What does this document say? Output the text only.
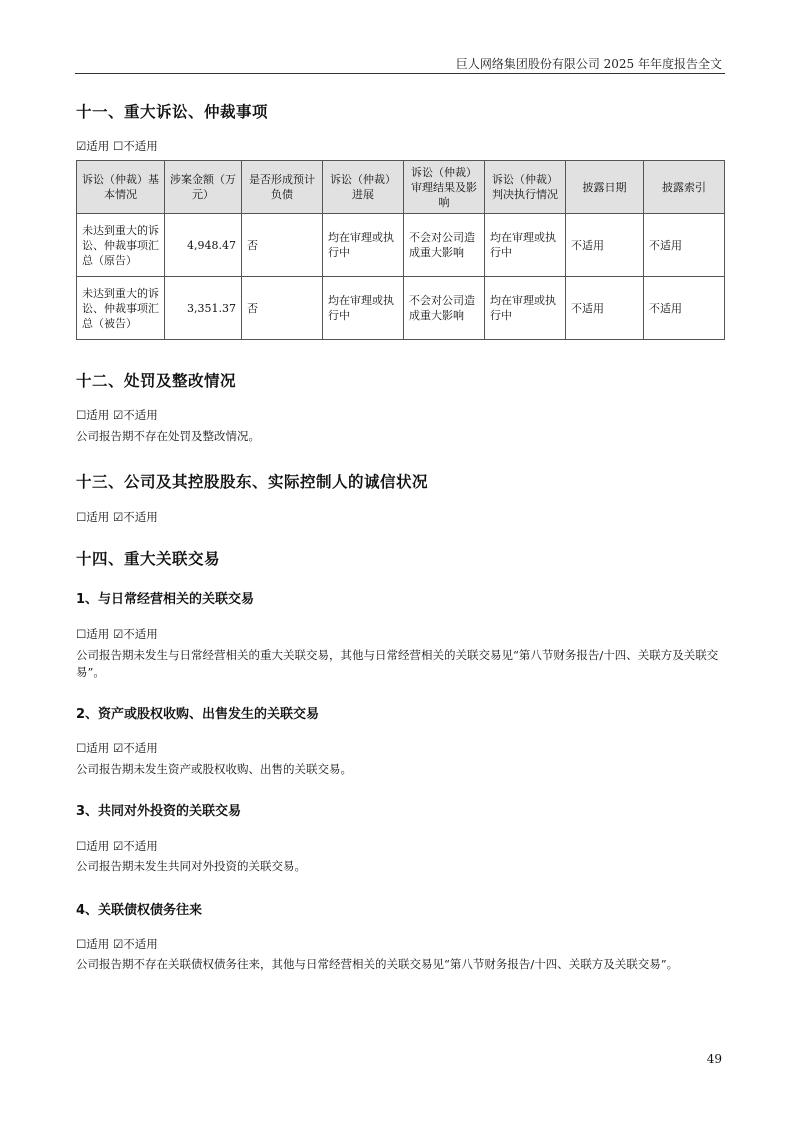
巨人网络集团股份有限公司 2025 年年度报告全文
十一、重大诉讼、仲裁事项
☑适用 ☐不适用
诉讼（仲裁）基本情况	涉案金额（万元）	是否形成预计负债	诉讼（仲裁）进展	诉讼（仲裁）审理结果及影响	诉讼（仲裁）判决执行情况	披露日期	披露索引
未达到重大的诉讼、仲裁事项汇总（原告）	4,948.47	否	均在审理或执行中	不会对公司造成重大影响	均在审理或执行中	不适用	不适用
未达到重大的诉讼、仲裁事项汇总（被告）	3,351.37	否	均在审理或执行中	不会对公司造成重大影响	均在审理或执行中	不适用	不适用
十二、处罚及整改情况
☐适用 ☑不适用
公司报告期不存在处罚及整改情况。
十三、公司及其控股股东、实际控制人的诚信状况
☐适用 ☑不适用
十四、重大关联交易
1、与日常经营相关的关联交易
☐适用 ☑不适用
公司报告期未发生与日常经营相关的重大关联交易，其他与日常经营相关的关联交易见“第八节财务报告/十四、关联方及关联交易”。
2、资产或股权收购、出售发生的关联交易
☐适用 ☑不适用
公司报告期未发生资产或股权收购、出售的关联交易。
3、共同对外投资的关联交易
☐适用 ☑不适用
公司报告期未发生共同对外投资的关联交易。
4、关联债权债务往来
☐适用 ☑不适用
公司报告期不存在关联债权债务往来，其他与日常经营相关的关联交易见“第八节财务报告/十四、关联方及关联交易”。
49
